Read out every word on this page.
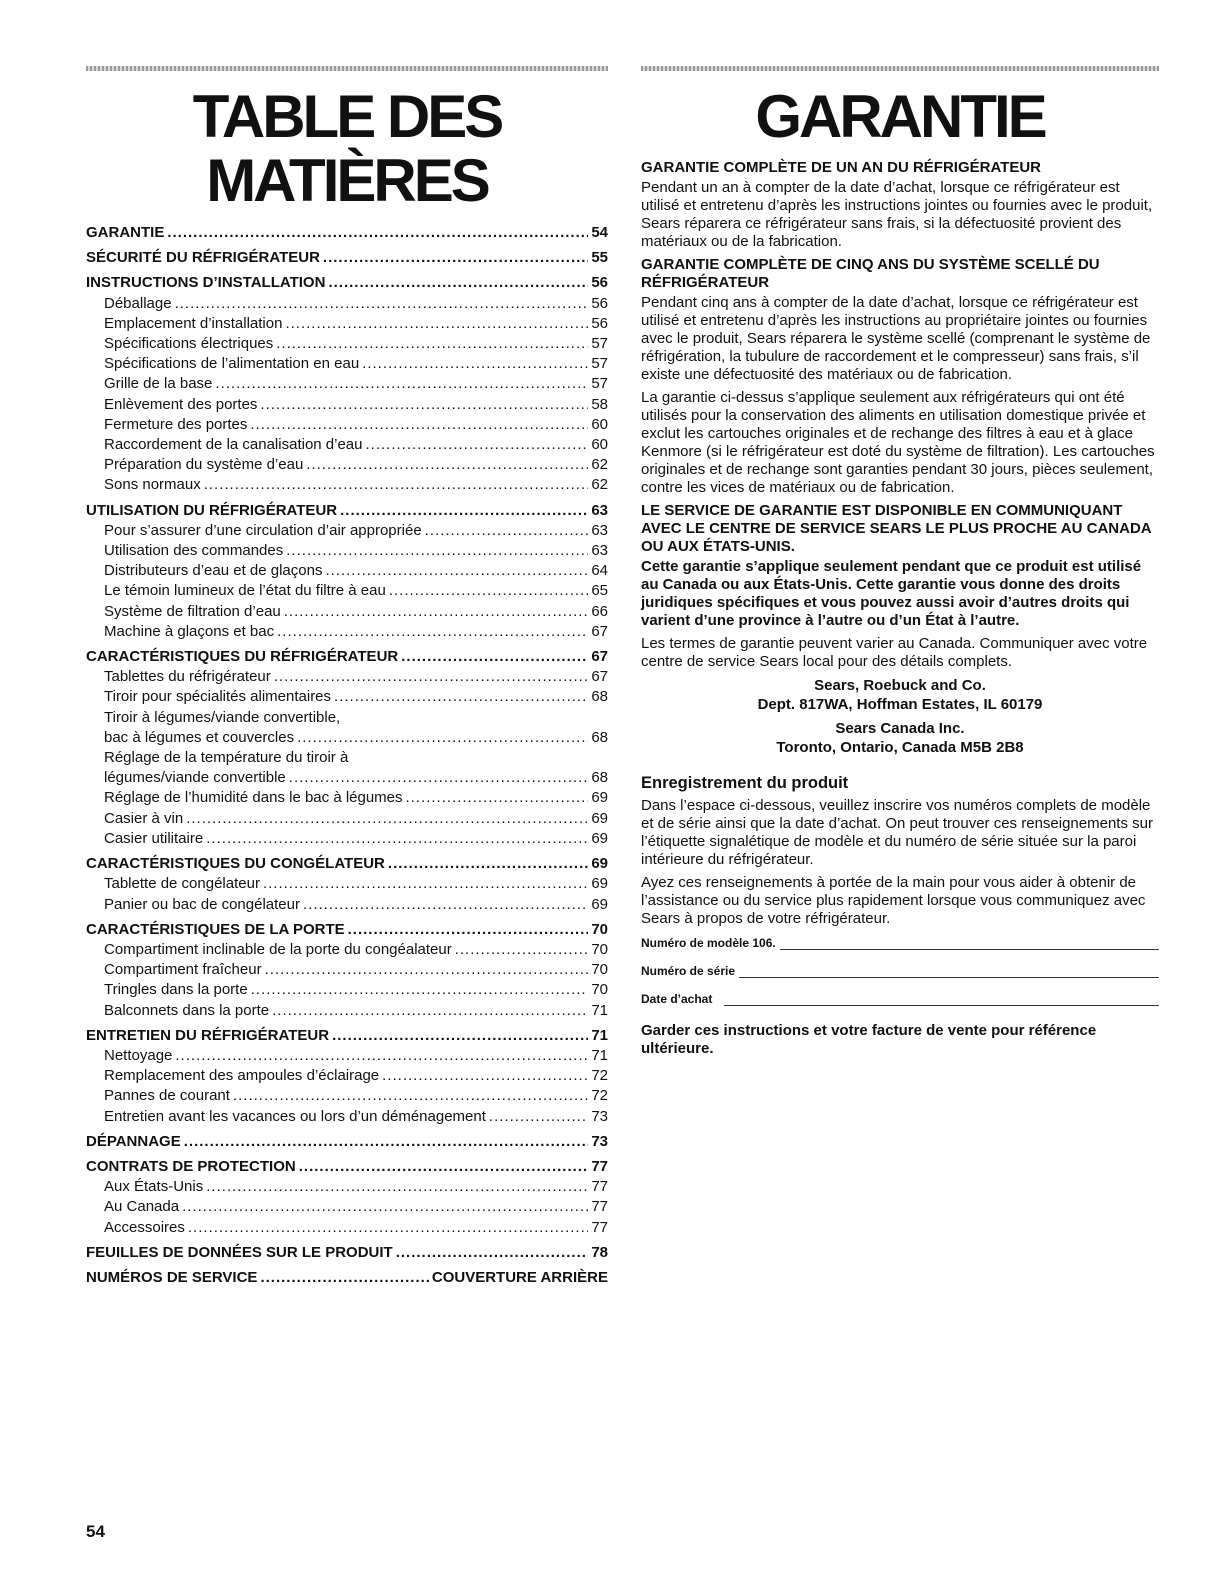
TABLE DES MATIÈRES
GARANTIE .....	54
SÉCURITÉ DU RÉFRIGÉRATEUR .....	55
INSTRUCTIONS D’INSTALLATION .....	56
Déballage .....	56
Emplacement d’installation .....	56
Spécifications électriques .....	57
Spécifications de l’alimentation en eau .....	57
Grille de la base .....	57
Enlèvement des portes .....	58
Fermeture des portes .....	60
Raccordement de la canalisation d’eau .....	60
Préparation du système d’eau .....	62
Sons normaux .....	62
UTILISATION DU RÉFRIGÉRATEUR .....	63
Pour s’assurer d’une circulation d’air appropriée .....	63
Utilisation des commandes .....	63
Distributeurs d’eau et de glaçons .....	64
Le témoin lumineux de l’état du filtre à eau .....	65
Système de filtration d’eau .....	66
Machine à glaçons et bac .....	67
CARACTÉRISTIQUES DU RÉFRIGÉRATEUR .....	67
Tablettes du réfrigérateur .....	67
Tiroir pour spécialités alimentaires .....	68
Tiroir à légumes/viande convertible,
bac à légumes et couvercles .....	68
Réglage de la température du tiroir à
légumes/viande convertible .....	68
Réglage de l’humidité dans le bac à légumes .....	69
Casier à vin .....	69
Casier utilitaire .....	69
CARACTÉRISTIQUES DU CONGÉLATEUR .....	69
Tablette de congélateur .....	69
Panier ou bac de congélateur .....	69
CARACTÉRISTIQUES DE LA PORTE .....	70
Compartiment inclinable de la porte du congéalateur .....	70
Compartiment fraîcheur .....	70
Tringles dans la porte .....	70
Balconnets dans la porte .....	71
ENTRETIEN DU RÉFRIGÉRATEUR .....	71
Nettoyage .....	71
Remplacement des ampoules d’éclairage .....	72
Pannes de courant .....	72
Entretien avant les vacances ou lors d’un déménagement .....	73
DÉPANNAGE .....	73
CONTRATS DE PROTECTION .....	77
Aux États-Unis .....	77
Au Canada .....	77
Accessoires .....	77
FEUILLES DE DONNÉES SUR LE PRODUIT .....	78
NUMÉROS DE SERVICE .....	COUVERTURE ARRIÈRE
GARANTIE
GARANTIE COMPLÈTE DE UN AN DU RÉFRIGÉRATEUR

Pendant un an à compter de la date d’achat, lorsque ce réfrigérateur est utilisé et entretenu d’après les instructions jointes ou fournies avec le produit, Sears réparera ce réfrigérateur sans frais, si la défectuosité provient des matériaux ou de la fabrication.

GARANTIE COMPLÈTE DE CINQ ANS DU SYSTÈME SCELLÉ DU RÉFRIGÉRATEUR

Pendant cinq ans à compter de la date d’achat, lorsque ce réfrigérateur est utilisé et entretenu d’après les instructions au propriétaire jointes ou fournies avec le produit, Sears réparera le système scellé (comprenant le système de réfrigération, la tubulure de raccordement et le compresseur) sans frais, s’il existe une défectuosité des matériaux ou de fabrication.

La garantie ci-dessus s’applique seulement aux réfrigérateurs qui ont été utilisés pour la conservation des aliments en utilisation domestique privée et exclut les cartouches originales et de rechange des filtres à eau et à glace Kenmore (si le réfrigérateur est doté du système de filtration). Les cartouches originales et de rechange sont garanties pendant 30 jours, pièces seulement, contre les vices de matériaux ou de fabrication.

LE SERVICE DE GARANTIE EST DISPONIBLE EN COMMUNIQUANT AVEC LE CENTRE DE SERVICE SEARS LE PLUS PROCHE AU CANADA OU AUX ÉTATS-UNIS.

Cette garantie s’applique seulement pendant que ce produit est utilisé au Canada ou aux États-Unis. Cette garantie vous donne des droits juridiques spécifiques et vous pouvez aussi avoir d’autres droits qui varient d’une province à l’autre ou d’un État à l’autre.

Les termes de garantie peuvent varier au Canada. Communiquer avec votre centre de service Sears local pour des détails complets.

Sears, Roebuck and Co.
Dept. 817WA, Hoffman Estates, IL 60179
Sears Canada Inc.
Toronto, Ontario, Canada M5B 2B8
Enregistrement du produit

Dans l’espace ci-dessous, veuillez inscrire vos numéros complets de modèle et de série ainsi que la date d’achat. On peut trouver ces renseignements sur l’étiquette signalétique de modèle et du numéro de série située sur la paroi intérieure du réfrigérateur.

Ayez ces renseignements à portée de la main pour vous aider à obtenir de l’assistance ou du service plus rapidement lorsque vous communiquez avec Sears à propos de votre réfrigérateur.

Numéro de modèle 106.
Numéro de série
Date d’achat

Garder ces instructions et votre facture de vente pour référence ultérieure.

54
